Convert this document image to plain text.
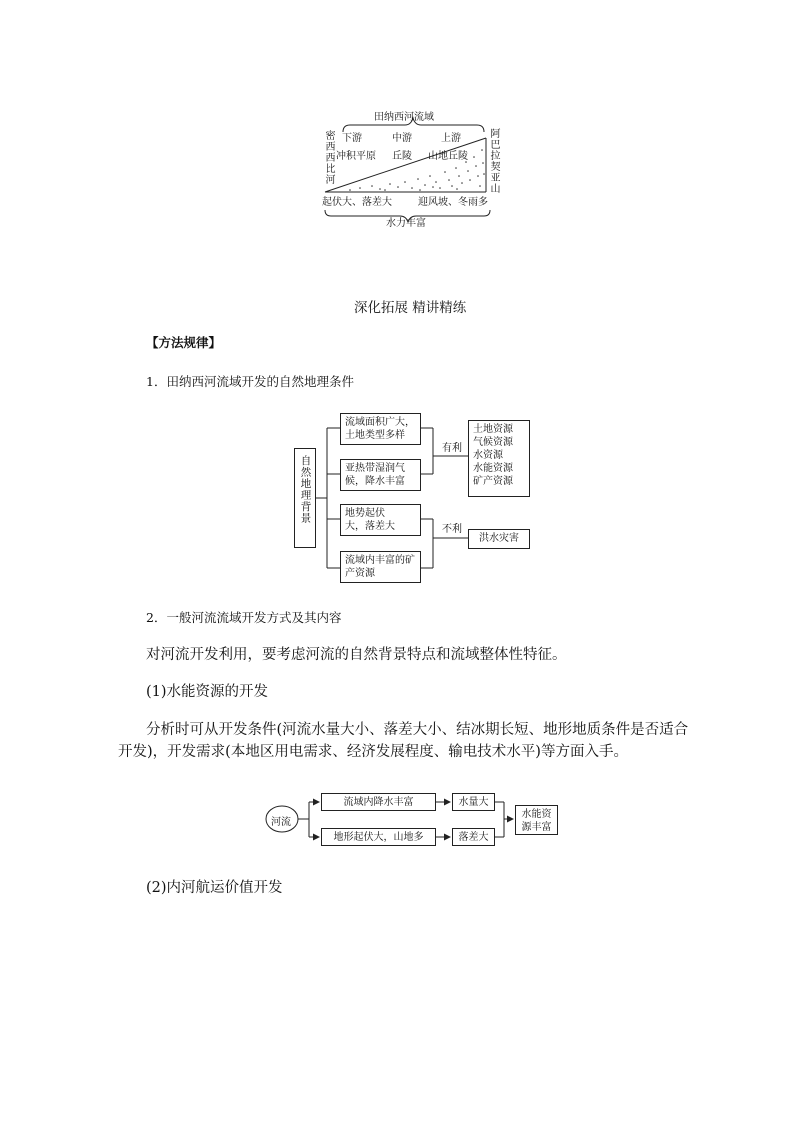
田纳西河流域
密西西比河	阿巴拉契亚山
下游	中游	上游
冲积平原 丘陵 山地丘陵
起伏大、落差大	迎风坡、冬雨多
水力丰富
深化拓展 精讲精练
【方法规律】
1．田纳西河流域开发的自然地理条件
自然地理背景
流域面积广大，土地类型多样
亚热带湿润气候，降水丰富
地势起伏大，落差大
流域内丰富的矿产资源
有利
不利
土地资源
气候资源
水资源
水能资源
矿产资源
洪水灾害
2．一般河流流域开发方式及其内容
对河流开发利用，要考虑河流的自然背景特点和流域整体性特征。
(1)水能资源的开发
分析时可从开发条件(河流水量大小、落差大小、结冰期长短、地形地质条件是否适合
开发)，开发需求(本地区用电需求、经济发展程度、输电技术水平)等方面入手。
河流
流域内降水丰富
地形起伏大，山地多
水量大
落差大
水能资源丰富
(2)内河航运价值开发
